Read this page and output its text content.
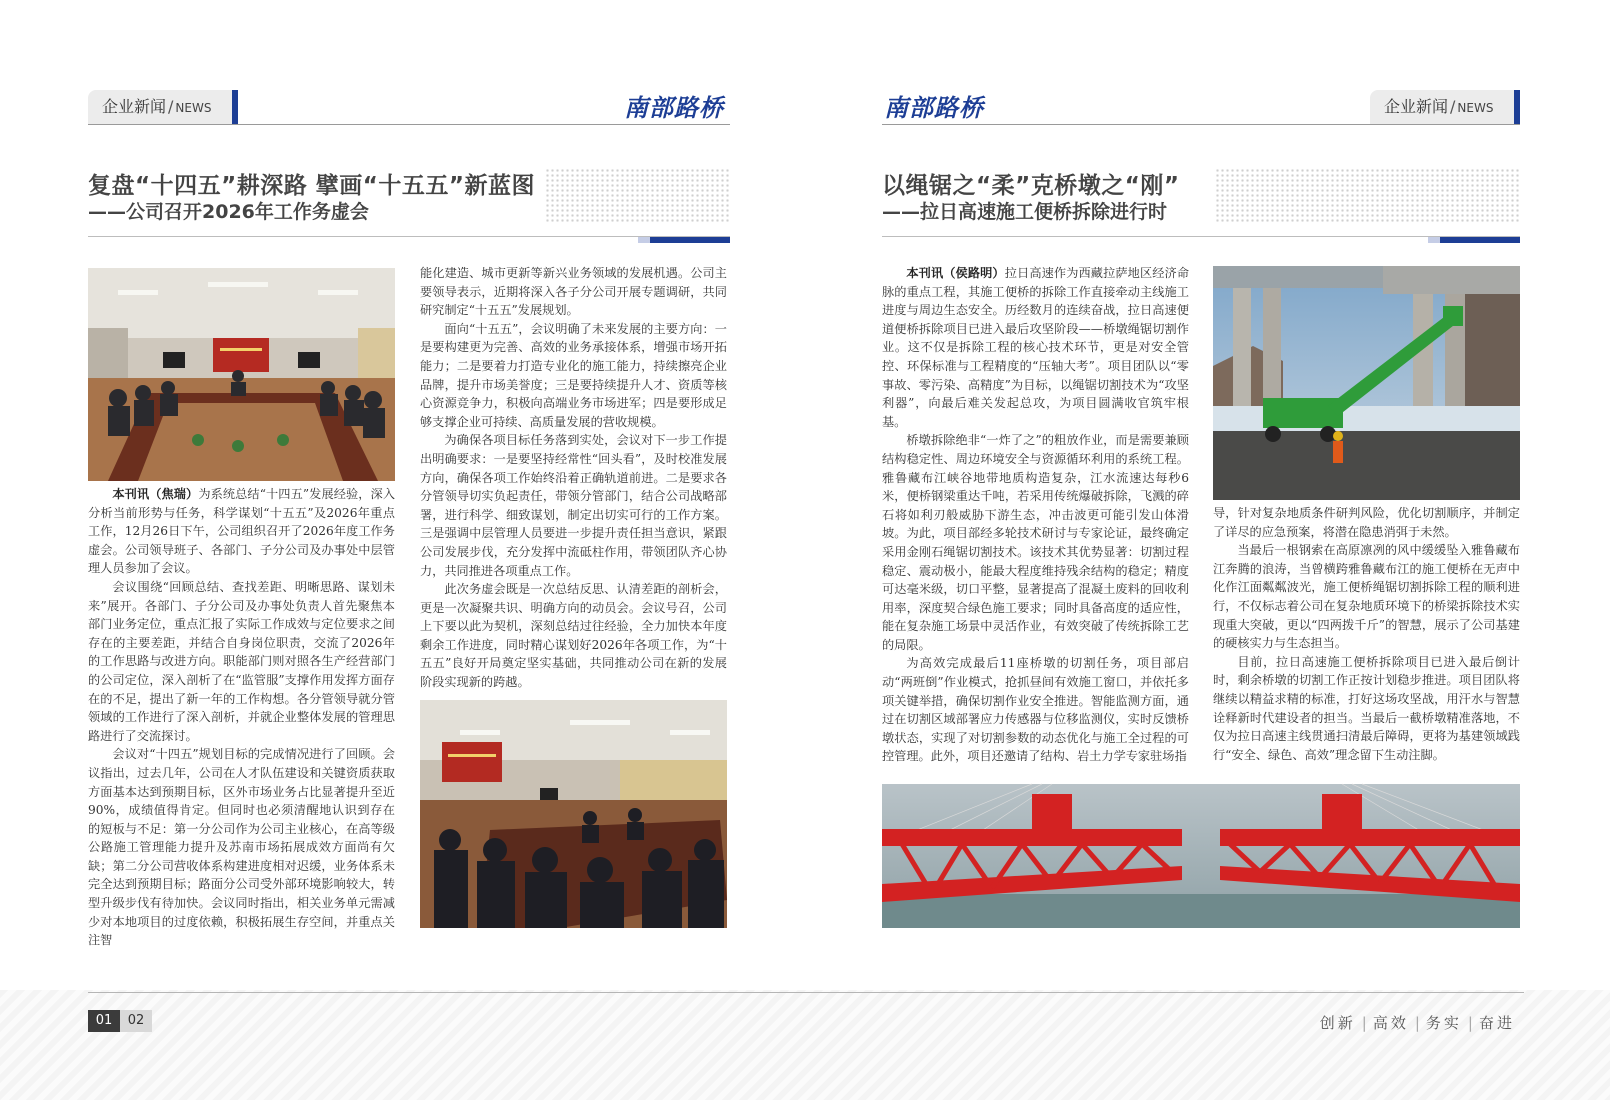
企业新闻 / NEWS	南部路桥
复盘“十四五”耕深路 擘画“十五五”新蓝图
——公司召开2026年工作务虚会

本刊讯（焦瑞）为系统总结“十四五”发展经验，深入分析当前形势与任务，科学谋划“十五五”及2026年重点工作，12月26日下午，公司组织召开了2026年度工作务虚会。公司领导班子、各部门、子分公司及办事处中层管理人员参加了会议。

会议围绕“回顾总结、查找差距、明晰思路、谋划未来”展开。各部门、子分公司及办事处负责人首先聚焦本部门业务定位，重点汇报了实际工作成效与定位要求之间存在的主要差距，并结合自身岗位职责，交流了2026年的工作思路与改进方向。职能部门则对照各生产经营部门的公司定位，深入剖析了在“监管服”支撑作用发挥方面存在的不足，提出了新一年的工作构想。各分管领导就分管领域的工作进行了深入剖析，并就企业整体发展的管理思路进行了交流探讨。

会议对“十四五”规划目标的完成情况进行了回顾。会议指出，过去几年，公司在人才队伍建设和关键资质获取方面基本达到预期目标，区外市场业务占比显著提升至近90%，成绩值得肯定。但同时也必须清醒地认识到存在的短板与不足：第一分公司作为公司主业核心，在高等级公路施工管理能力提升及苏南市场拓展成效方面尚有欠缺；第二分公司营收体系构建进度相对迟缓，业务体系未完全达到预期目标；路面分公司受外部环境影响较大，转型升级步伐有待加快。会议同时指出，相关业务单元需减少对本地项目的过度依赖，积极拓展生存空间，并重点关注智

能化建造、城市更新等新兴业务领域的发展机遇。公司主要领导表示，近期将深入各子分公司开展专题调研，共同研究制定“十五五”发展规划。

面向“十五五”，会议明确了未来发展的主要方向：一是要构建更为完善、高效的业务承接体系，增强市场开拓能力；二是要着力打造专业化的施工能力，持续擦亮企业品牌，提升市场美誉度；三是要持续提升人才、资质等核心资源竞争力，积极向高端业务市场进军；四是要形成足够支撑企业可持续、高质量发展的营收规模。

为确保各项目标任务落到实处，会议对下一步工作提出明确要求：一是要坚持经常性“回头看”，及时校准发展方向，确保各项工作始终沿着正确轨道前进。二是要求各分管领导切实负起责任，带领分管部门，结合公司战略部署，进行科学、细致谋划，制定出切实可行的工作方案。三是强调中层管理人员要进一步提升责任担当意识，紧跟公司发展步伐，充分发挥中流砥柱作用，带领团队齐心协力，共同推进各项重点工作。

此次务虚会既是一次总结反思、认清差距的剖析会，更是一次凝聚共识、明确方向的动员会。会议号召，公司上下要以此为契机，深刻总结过往经验，全力加快本年度剩余工作进度，同时精心谋划好2026年各项工作，为“十五五”良好开局奠定坚实基础，共同推动公司在新的发展阶段实现新的跨越。

南部路桥	企业新闻 / NEWS
以绳锯之“柔”克桥墩之“刚”
——拉日高速施工便桥拆除进行时

本刊讯（侯路明）拉日高速作为西藏拉萨地区经济命脉的重点工程，其施工便桥的拆除工作直接牵动主线施工进度与周边生态安全。历经数月的连续奋战，拉日高速便道便桥拆除项目已进入最后攻坚阶段——桥墩绳锯切割作业。这不仅是拆除工程的核心技术环节，更是对安全管控、环保标准与工程精度的“压轴大考”。项目团队以“零事故、零污染、高精度”为目标，以绳锯切割技术为“攻坚利器”，向最后难关发起总攻，为项目圆满收官筑牢根基。

桥墩拆除绝非“一炸了之”的粗放作业，而是需要兼顾结构稳定性、周边环境安全与资源循环利用的系统工程。雅鲁藏布江峡谷地带地质构造复杂，江水流速达每秒6米，便桥钢梁重达千吨，若采用传统爆破拆除，飞溅的碎石将如利刃般威胁下游生态，冲击波更可能引发山体滑坡。为此，项目部经多轮技术研讨与专家论证，最终确定采用金刚石绳锯切割技术。该技术其优势显著：切割过程稳定、震动极小，能最大程度维持残余结构的稳定；精度可达毫米级，切口平整，显著提高了混凝土废料的回收利用率，深度契合绿色施工要求；同时具备高度的适应性，能在复杂施工场景中灵活作业，有效突破了传统拆除工艺的局限。

为高效完成最后11座桥墩的切割任务，项目部启动“两班倒”作业模式，抢抓昼间有效施工窗口，并依托多项关键举措，确保切割作业安全推进。智能监测方面，通过在切割区域部署应力传感器与位移监测仪，实时反馈桥墩状态，实现了对切割参数的动态优化与施工全过程的可控管理。此外，项目还邀请了结构、岩土力学专家驻场指

导，针对复杂地质条件研判风险，优化切割顺序，并制定了详尽的应急预案，将潜在隐患消弭于未然。

当最后一根钢索在高原凛冽的风中缓缓坠入雅鲁藏布江奔腾的浪涛，当曾横跨雅鲁藏布江的施工便桥在无声中化作江面粼粼波光，施工便桥绳锯切割拆除工程的顺利进行，不仅标志着公司在复杂地质环境下的桥梁拆除技术实现重大突破，更以“四两拨千斤”的智慧，展示了公司基建的硬核实力与生态担当。

目前，拉日高速施工便桥拆除项目已进入最后倒计时，剩余桥墩的切割工作正按计划稳步推进。项目团队将继续以精益求精的标准，打好这场攻坚战，用汗水与智慧诠释新时代建设者的担当。当最后一截桥墩精准落地，不仅为拉日高速主线贯通扫清最后障碍，更将为基建领域践行“安全、绿色、高效”理念留下生动注脚。

01	02	创新 | 高效 | 务实 | 奋进
